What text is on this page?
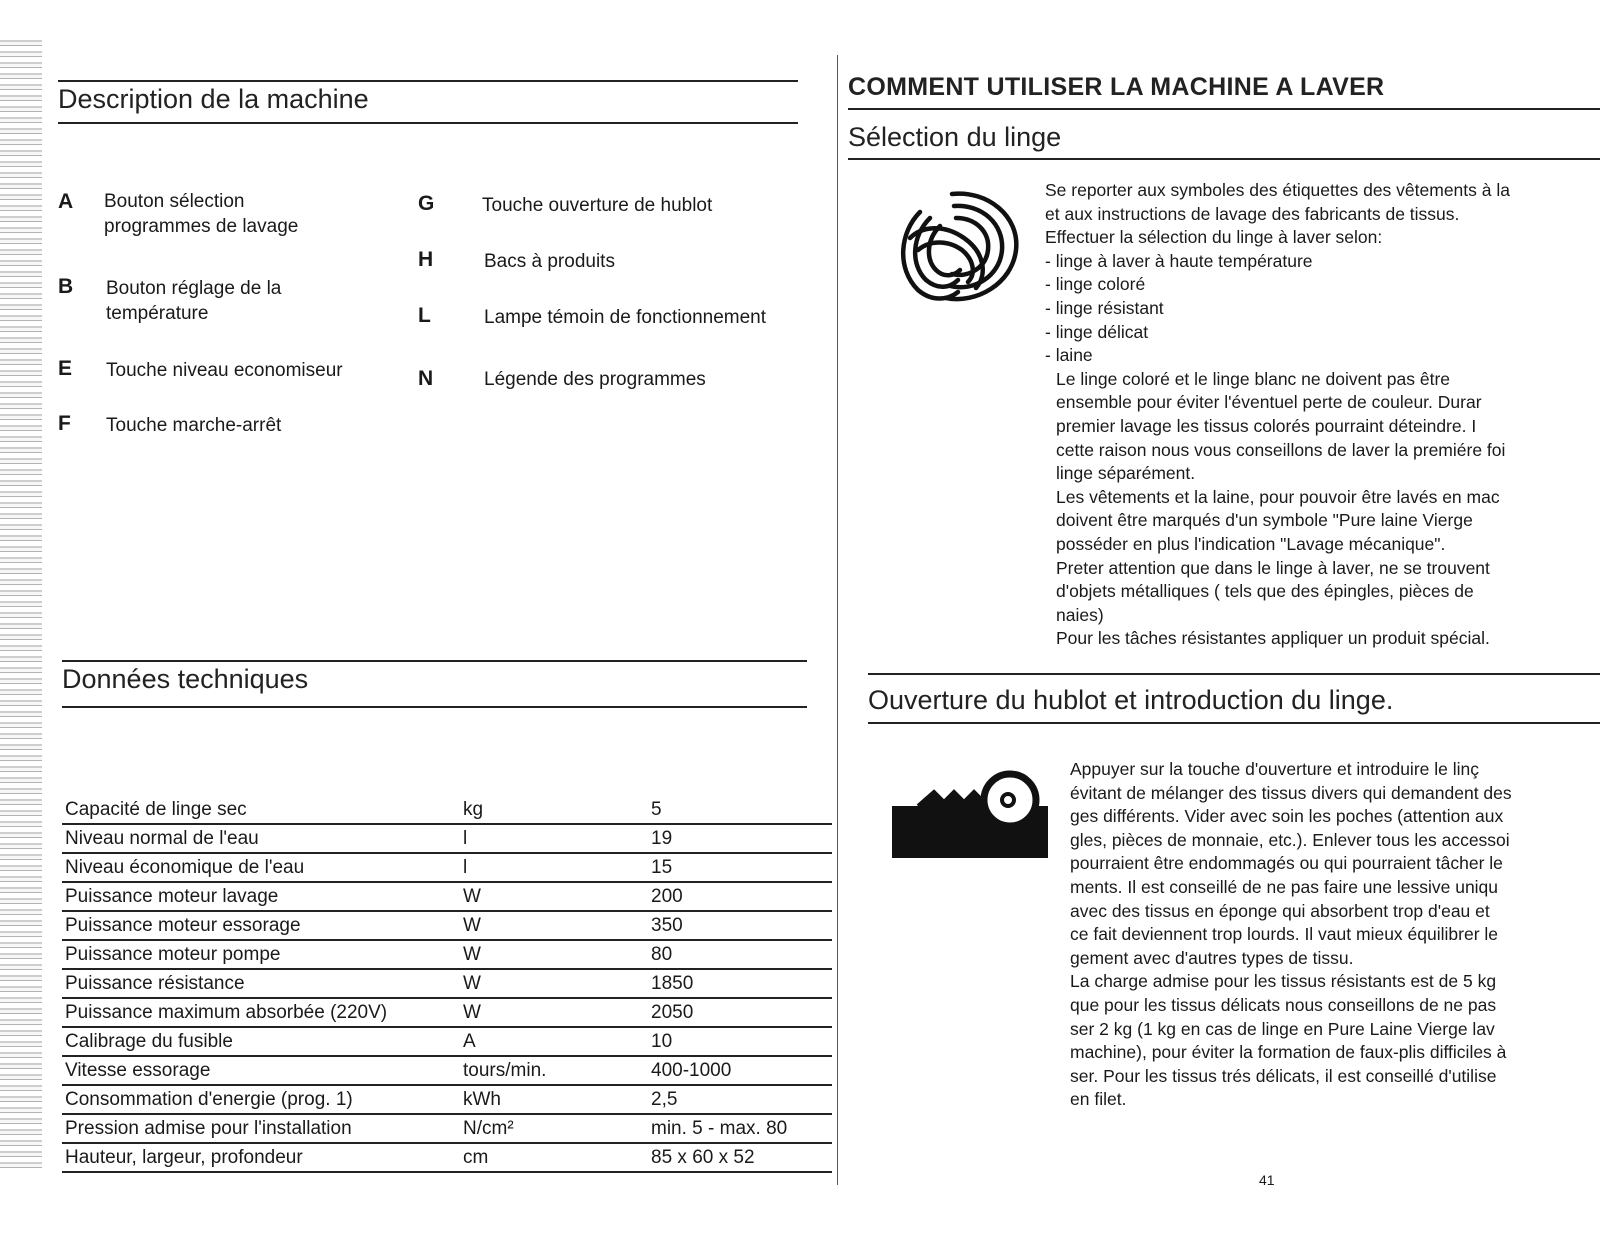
Description de la machine
A Bouton sélection
programmes de lavage
B Bouton réglage de la
température
E Touche niveau economiseur
F Touche marche-arrêt
G	Touche ouverture de hublot
H	Bacs à produits
L	Lampe témoin de fonctionnement
N	Légende des programmes
Données techniques
Capacité de linge sec	kg	5
Niveau normal de l'eau	l	19
Niveau économique de l'eau	l	15
Puissance moteur lavage	W	200
Puissance moteur essorage	W	350
Puissance moteur pompe	W	80
Puissance résistance	W	1850
Puissance maximum absorbée (220V)	W	2050
Calibrage du fusible	A	10
Vitesse essorage	tours/min.	400-1000
Consommation d'energie (prog. 1)	kWh	2,5
Pression admise pour l'installation	N/cm²	min. 5 - max. 80
Hauteur, largeur, profondeur	cm	85 x 60 x 52
COMMENT UTILISER LA MACHINE A LAVER
Sélection du linge

Se reporter aux symboles des étiquettes des vêtements à la

et aux instructions de lavage des fabricants de tissus.

Effectuer la sélection du linge à laver selon:

- linge à laver à haute température

- linge coloré

- linge résistant

- linge délicat

- laine

Le linge coloré et le linge blanc ne doivent pas être

ensemble pour éviter l'éventuel perte de couleur. Durar

premier lavage les tissus colorés pourraint déteindre. I

cette raison nous vous conseillons de laver la premiére foi

linge séparément.

Les vêtements et la laine, pour pouvoir être lavés en mac

doivent être marqués d'un symbole "Pure laine Vierge

posséder en plus l'indication "Lavage mécanique".

Preter attention que dans le linge à laver, ne se trouvent

d'objets métalliques ( tels que des épingles, pièces de

naies)

Pour les tâches résistantes appliquer un produit spécial.

Ouverture du hublot et introduction du linge.

Appuyer sur la touche d'ouverture et introduire le linç

évitant de mélanger des tissus divers qui demandent des

ges différents. Vider avec soin les poches (attention aux

gles, pièces de monnaie, etc.). Enlever tous les accessoi

pourraient être endommagés ou qui pourraient tâcher le

ments. Il est conseillé de ne pas faire une lessive uniqu

avec des tissus en éponge qui absorbent trop d'eau et

ce fait deviennent trop lourds. Il vaut mieux équilibrer le

gement avec d'autres types de tissu.

La charge admise pour les tissus résistants est de 5 kg

que pour les tissus délicats nous conseillons de ne pas

ser 2 kg (1 kg en cas de linge en Pure Laine Vierge lav

machine), pour éviter la formation de faux-plis difficiles à

ser. Pour les tissus trés délicats, il est conseillé d'utilise

en filet.

41
